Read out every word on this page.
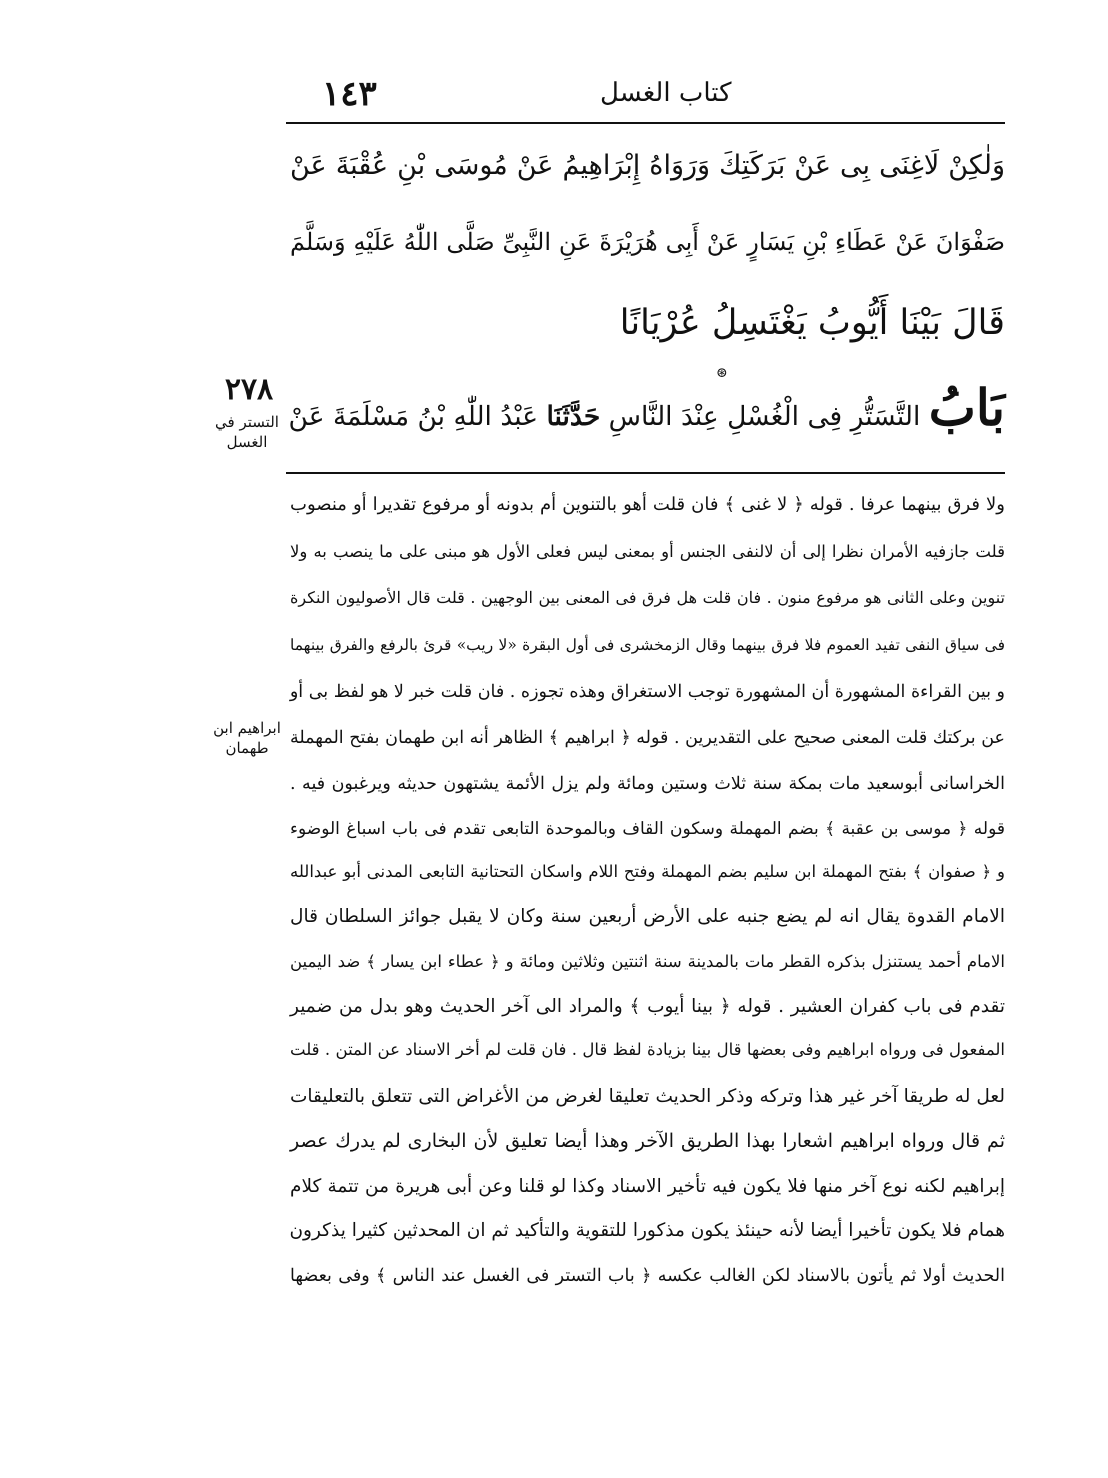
١٤٣	كتاب الغسل
وَلٰكِنْ لَاغِنَى بِى عَنْ بَرَكَتِكَ وَرَوَاهُ إِبْرَاهِيمُ عَنْ مُوسَى بْنِ عُقْبَةَ عَنْ
صَفْوَانَ عَنْ عَطَاءِ بْنِ يَسَارٍ عَنْ أَبِى هُرَيْرَةَ عَنِ النَّبِىِّ صَلَّى اللّٰهُ عَلَيْهِ وَسَلَّمَ
قَالَ بَيْنَا أَيُّوبُ يَغْتَسِلُ عُرْيَانًا
⊛
بَابُ التَّسَتُّرِ فِى الْغُسْلِ عِنْدَ النَّاسِ حَدَّثَنَا عَبْدُ اللّٰهِ بْنُ مَسْلَمَةَ عَنْ
٢٧٨
التستر في الغسل
ابراهيم ابن طهمان
ولا فرق بينهما عرفا . قوله ﴿ لا غنى ﴾ فان قلت أهو بالتنوين أم بدونه أو مرفوع تقديرا أو منصوب
قلت جازفيه الأمران نظرا إلى أن لالنفى الجنس أو بمعنى ليس فعلى الأول هو مبنى على ما ينصب به ولا
تنوين وعلى الثانى هو مرفوع منون . فان قلت هل فرق فى المعنى بين الوجهين . قلت قال الأصوليون النكرة
فى سياق النفى تفيد العموم فلا فرق بينهما وقال الزمخشرى فى أول البقرة «لا ريب» قرئ بالرفع والفرق بينهما
و بين القراءة المشهورة أن المشهورة توجب الاستغراق وهذه تجوزه . فان قلت خبر لا هو لفظ بى أو
عن بركتك قلت المعنى صحيح على التقديرين . قوله ﴿ ابراهيم ﴾ الظاهر أنه ابن طهمان بفتح المهملة
الخراسانى أبوسعيد مات بمكة سنة ثلاث وستين ومائة ولم يزل الأئمة يشتهون حديثه ويرغبون فيه .
قوله ﴿ موسى بن عقبة ﴾ بضم المهملة وسكون القاف وبالموحدة التابعى تقدم فى باب اسباغ الوضوء
و ﴿ صفوان ﴾ بفتح المهملة ابن سليم بضم المهملة وفتح اللام واسكان التحتانية التابعى المدنى أبو عبدالله
الامام القدوة يقال انه لم يضع جنبه على الأرض أربعين سنة وكان لا يقبل جوائز السلطان قال
الامام أحمد يستنزل بذكره القطر مات بالمدينة سنة اثنتين وثلاثين ومائة و ﴿ عطاء ابن يسار ﴾ ضد اليمين
تقدم فى باب كفران العشير . قوله ﴿ بينا أيوب ﴾ والمراد الى آخر الحديث وهو بدل من ضمير
المفعول فى ورواه ابراهيم وفى بعضها قال بينا بزيادة لفظ قال . فان قلت لم أخر الاسناد عن المتن . قلت
لعل له طريقا آخر غير هذا وتركه وذكر الحديث تعليقا لغرض من الأغراض التى تتعلق بالتعليقات
ثم قال ورواه ابراهيم اشعارا بهذا الطريق الآخر وهذا أيضا تعليق لأن البخارى لم يدرك عصر
إبراهيم لكنه نوع آخر منها فلا يكون فيه تأخير الاسناد وكذا لو قلنا وعن أبى هريرة من تتمة كلام
همام فلا يكون تأخيرا أيضا لأنه حينئذ يكون مذكورا للتقوية والتأكيد ثم ان المحدثين كثيرا يذكرون
الحديث أولا ثم يأتون بالاسناد لكن الغالب عكسه ﴿ باب التستر فى الغسل عند الناس ﴾ وفى بعضها
